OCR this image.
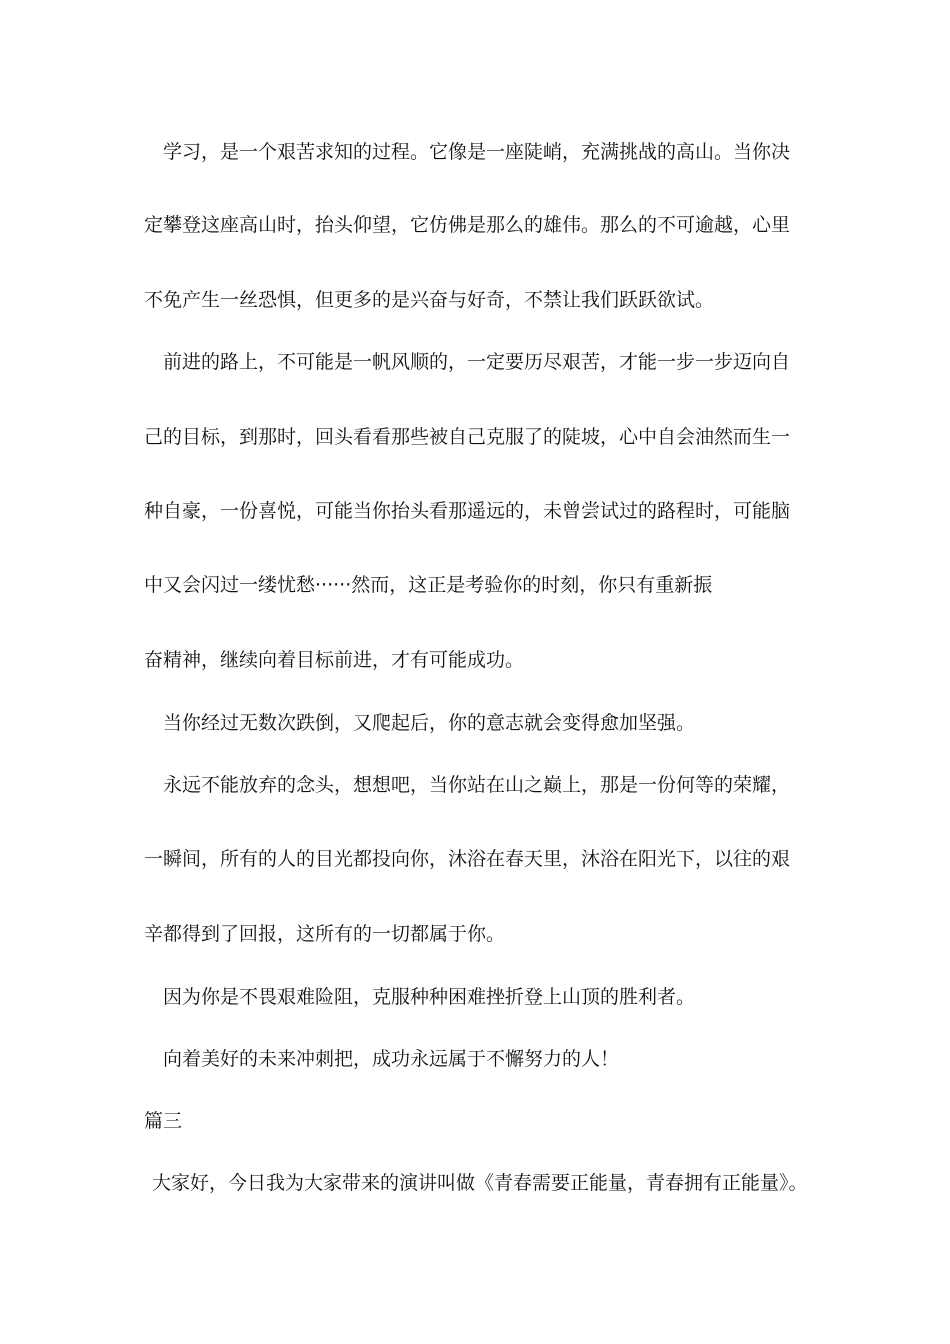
学习，是一个艰苦求知的过程。它像是一座陡峭，充满挑战的高山。当你决
定攀登这座高山时，抬头仰望，它仿佛是那么的雄伟。那么的不可逾越，心里
不免产生一丝恐惧，但更多的是兴奋与好奇，不禁让我们跃跃欲试。
前进的路上，不可能是一帆风顺的，一定要历尽艰苦，才能一步一步迈向自
己的目标，到那时，回头看看那些被自己克服了的陡坡，心中自会油然而生一
种自豪，一份喜悦，可能当你抬头看那遥远的，未曾尝试过的路程时，可能脑
中又会闪过一缕忧愁······然而，这正是考验你的时刻，你只有重新振
奋精神，继续向着目标前进，才有可能成功。
当你经过无数次跌倒，又爬起后，你的意志就会变得愈加坚强。
永远不能放弃的念头，想想吧，当你站在山之巅上，那是一份何等的荣耀，
一瞬间，所有的人的目光都投向你，沐浴在春天里，沐浴在阳光下，以往的艰
辛都得到了回报，这所有的一切都属于你。
因为你是不畏艰难险阻，克服种种困难挫折登上山顶的胜利者。
向着美好的未来冲刺把，成功永远属于不懈努力的人！
篇三
大家好，今日我为大家带来的演讲叫做《青春需要正能量，青春拥有正能量》。
